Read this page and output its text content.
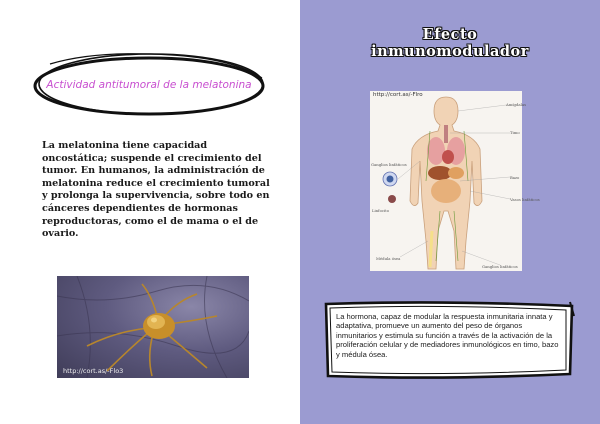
Actividad antitumoral de la melatonina
La melatonina tiene capacidad oncostática; suspende el crecimiento del tumor. En humanos, la administración de melatonina reduce el crecimiento tumoral y prolonga la supervivencia, sobre todo en cánceres dependientes de hormonas reproductoras, como el de mama o el de ovario.
http://cort.as/-Flo3
Efecto
inmunomodulador
http://cort.as/-Flro
Amígdalas
Timo
Ganglios linfáticos
Linfocito
Bazo
Vasos linfáticos
Médula ósea
Ganglios linfáticos
La hormona, capaz de modular la respuesta inmunitaria innata y adaptativa, promueve un aumento del peso de órganos inmunitarios y estimula su función a través de la activación de la proliferación celular y de mediadores inmunológicos en timo, bazo y médula ósea.
